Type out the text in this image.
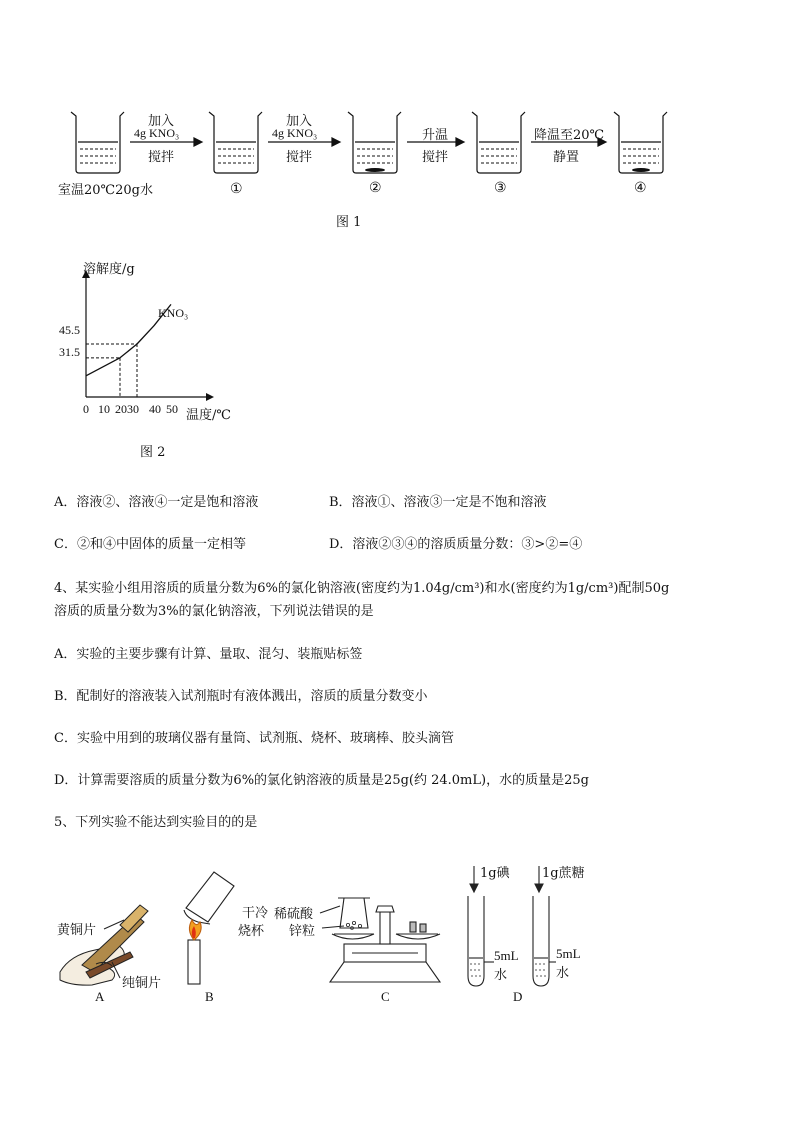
加入
4g KNO₃
搅拌
加入
4g KNO₃
搅拌
升温
搅拌
降温至20℃
静置
室温20℃20g水	①	②	③	④
图 1
溶解度/g
温度/℃
KNO₃
45.5
31.5
0 10 2030 40 50
图 2
A．溶液②、溶液④一定是饱和溶液	B．溶液①、溶液③一定是不饱和溶液
C．②和④中固体的质量一定相等	D．溶液②③④的溶质质量分数：③>②=④
4、某实验小组用溶质的质量分数为6%的氯化钠溶液(密度约为1.04g/cm³)和水(密度约为1g/cm³)配制50g
溶质的质量分数为3%的氯化钠溶液，下列说法错误的是
A．实验的主要步骤有计算、量取、混匀、装瓶贴标签
B．配制好的溶液装入试剂瓶时有液体溅出，溶质的质量分数变小
C．实验中用到的玻璃仪器有量筒、试剂瓶、烧杯、玻璃棒、胶头滴管
D．计算需要溶质的质量分数为6%的氯化钠溶液的质量是25g(约 24.0mL)，水的质量是25g
5、下列实验不能达到实验目的的是
黄铜片
纯铜片
A
干冷
烧杯
B
稀硫酸
锌粒
C
1g碘 1g蔗糖
5mL
水
5mL
水
D
